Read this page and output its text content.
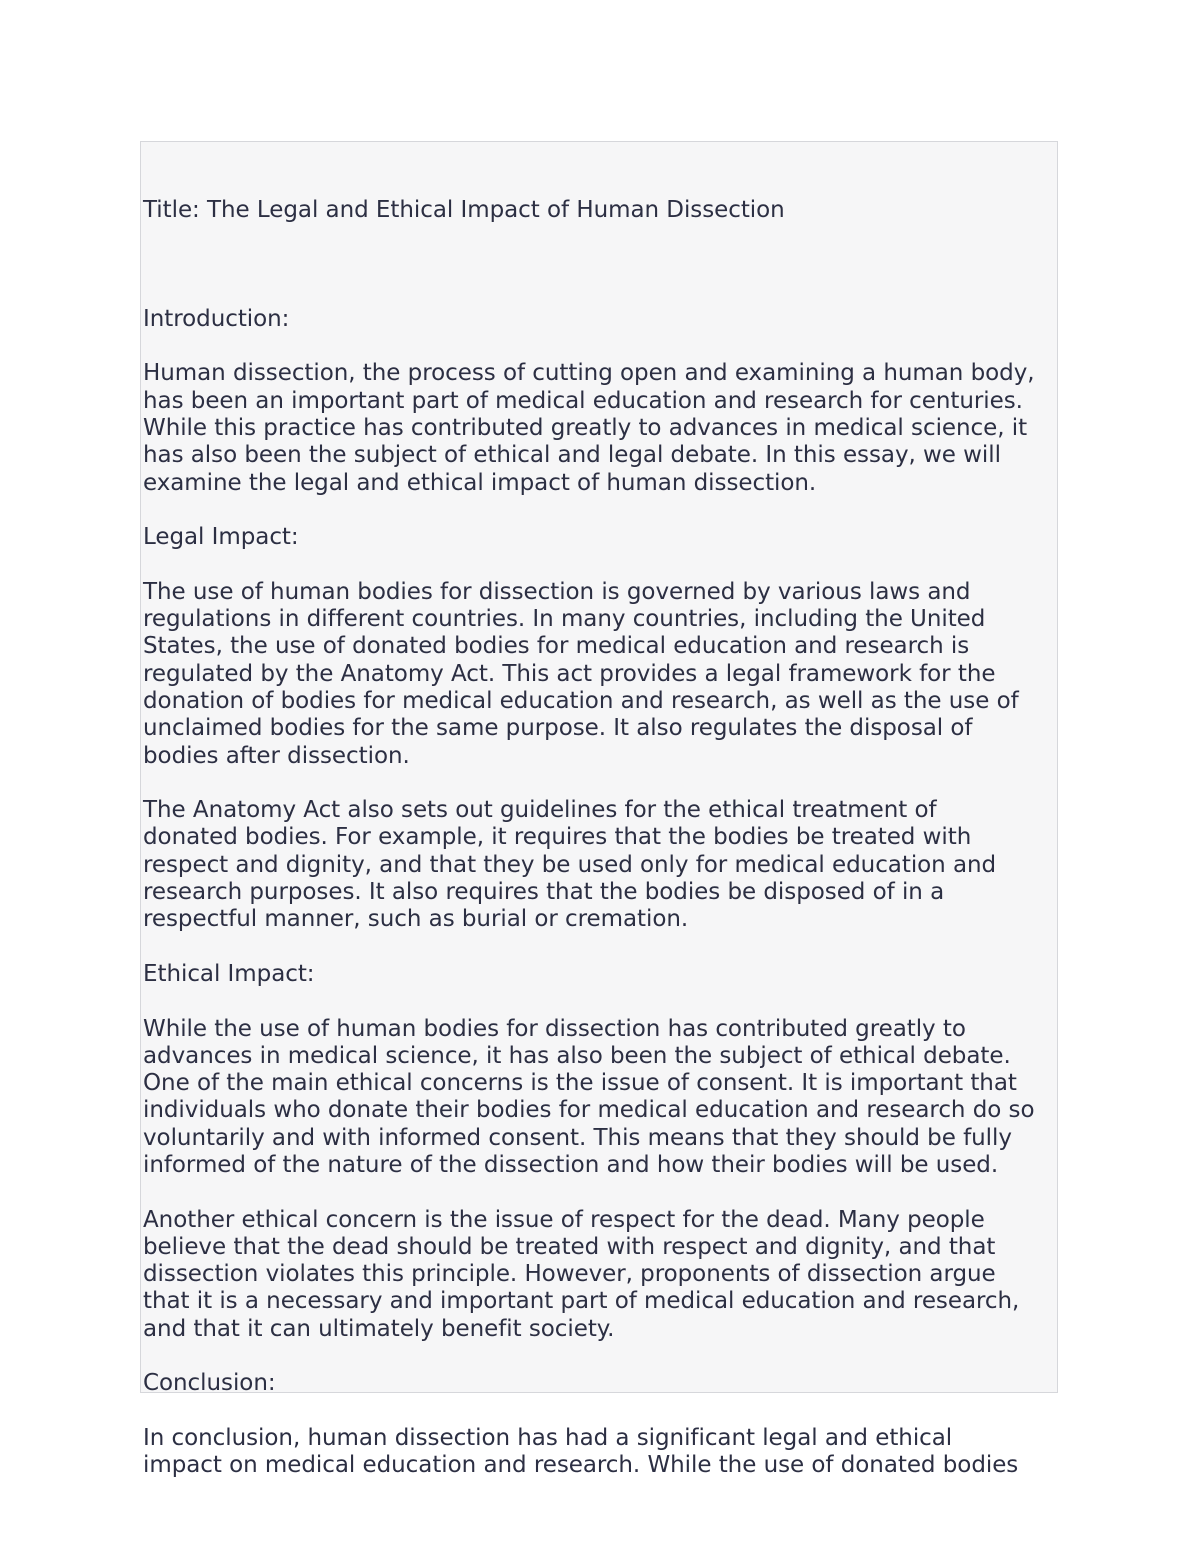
Title: The Legal and Ethical Impact of Human Dissection

Introduction:
Human dissection, the process of cutting open and examining a human body,
has been an important part of medical education and research for centuries.
While this practice has contributed greatly to advances in medical science, it
has also been the subject of ethical and legal debate. In this essay, we will
examine the legal and ethical impact of human dissection.
Legal Impact:
The use of human bodies for dissection is governed by various laws and
regulations in different countries. In many countries, including the United
States, the use of donated bodies for medical education and research is
regulated by the Anatomy Act. This act provides a legal framework for the
donation of bodies for medical education and research, as well as the use of
unclaimed bodies for the same purpose. It also regulates the disposal of
bodies after dissection.
The Anatomy Act also sets out guidelines for the ethical treatment of
donated bodies. For example, it requires that the bodies be treated with
respect and dignity, and that they be used only for medical education and
research purposes. It also requires that the bodies be disposed of in a
respectful manner, such as burial or cremation.
Ethical Impact:
While the use of human bodies for dissection has contributed greatly to
advances in medical science, it has also been the subject of ethical debate.
One of the main ethical concerns is the issue of consent. It is important that
individuals who donate their bodies for medical education and research do so
voluntarily and with informed consent. This means that they should be fully
informed of the nature of the dissection and how their bodies will be used.
Another ethical concern is the issue of respect for the dead. Many people
believe that the dead should be treated with respect and dignity, and that
dissection violates this principle. However, proponents of dissection argue
that it is a necessary and important part of medical education and research,
and that it can ultimately benefit society.
Conclusion:
In conclusion, human dissection has had a significant legal and ethical
impact on medical education and research. While the use of donated bodies
